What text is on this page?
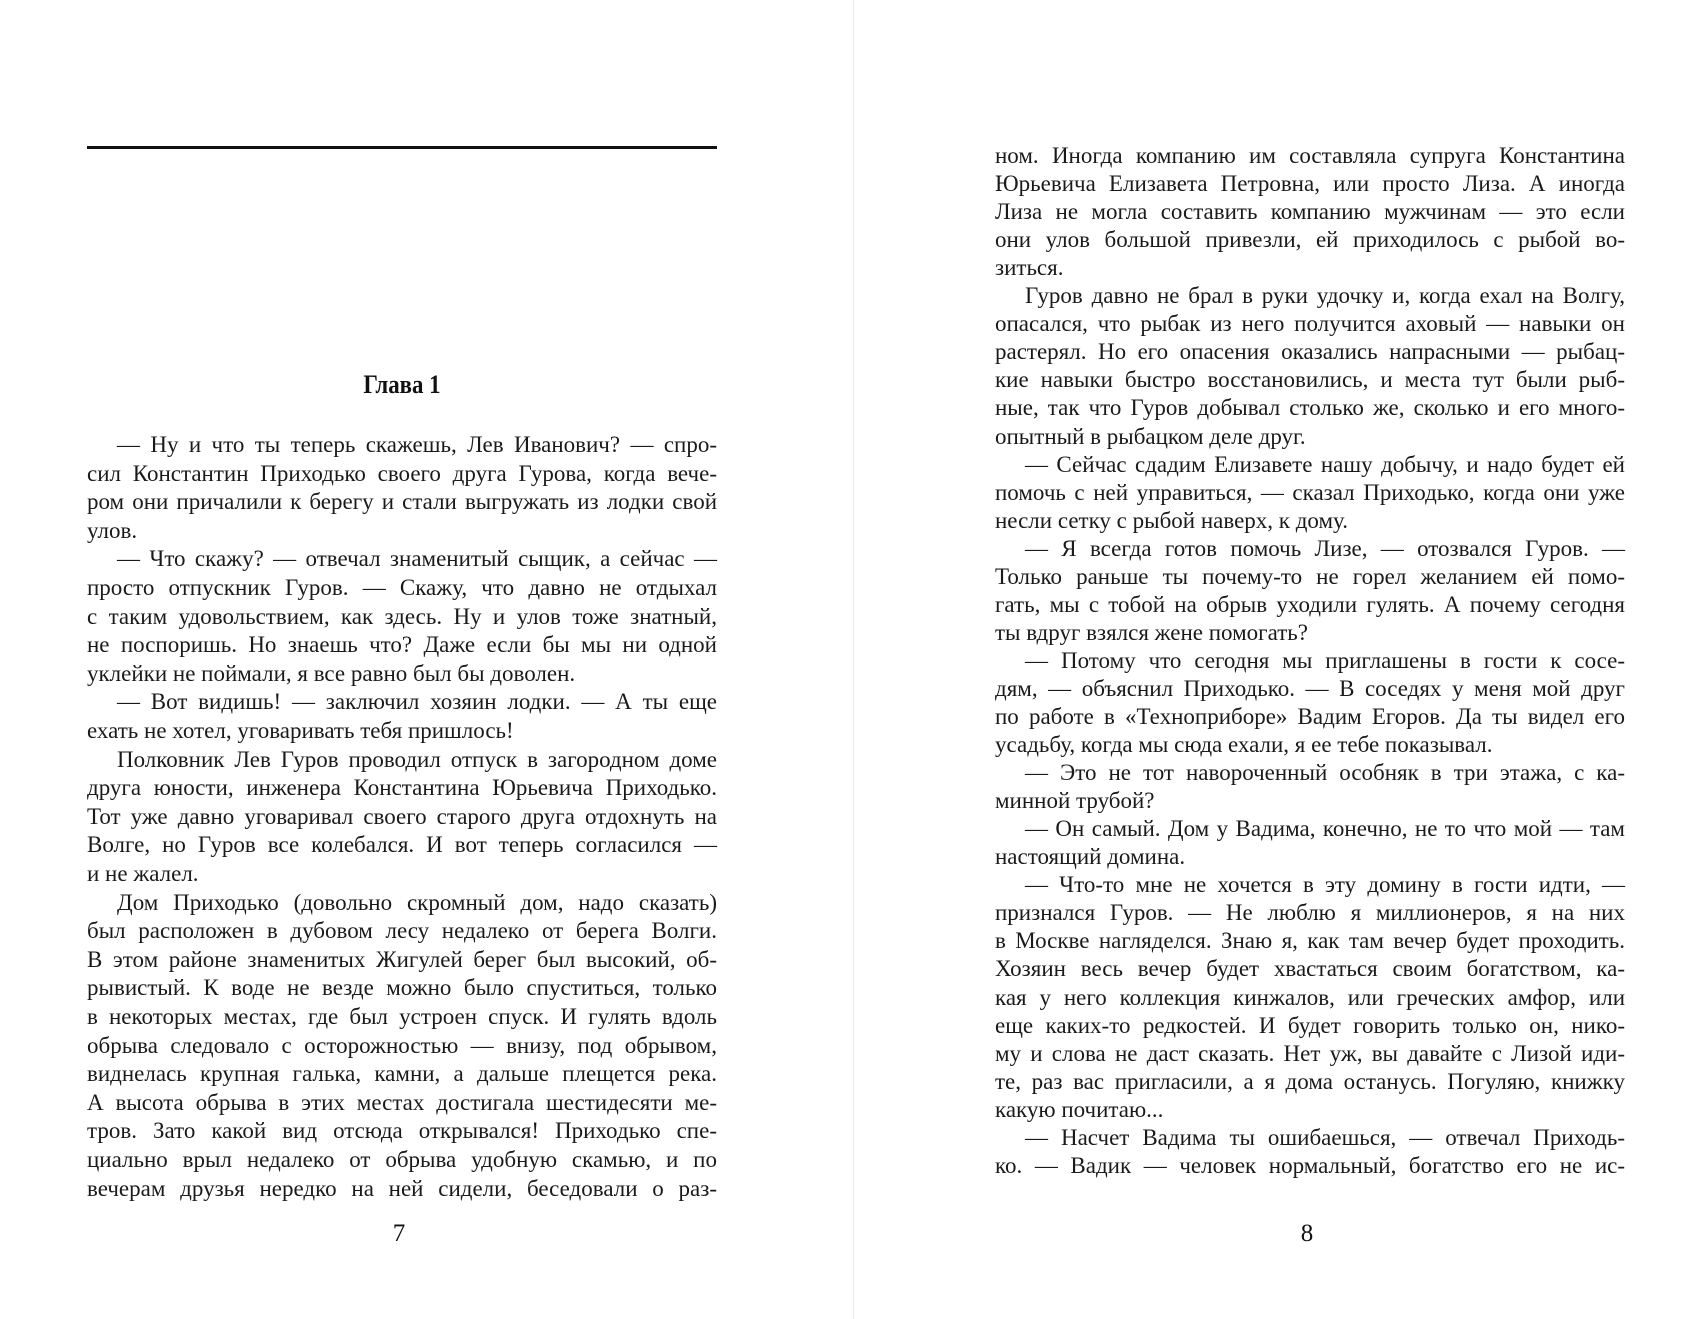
Глава 1
— Ну и что ты теперь скажешь, Лев Иванович? — спро-
сил Константин Приходько своего друга Гурова, когда вече-
ром они причалили к берегу и стали выгружать из лодки свой
улов.
— Что скажу? — отвечал знаменитый сыщик, а сейчас —
просто отпускник Гуров. — Скажу, что давно не отдыхал
с таким удовольствием, как здесь. Ну и улов тоже знатный,
не поспоришь. Но знаешь что? Даже если бы мы ни одной
уклейки не поймали, я все равно был бы доволен.
— Вот видишь! — заключил хозяин лодки. — А ты еще
ехать не хотел, уговаривать тебя пришлось!
Полковник Лев Гуров проводил отпуск в загородном доме
друга юности, инженера Константина Юрьевича Приходько.
Тот уже давно уговаривал своего старого друга отдохнуть на
Волге, но Гуров все колебался. И вот теперь согласился —
и не жалел.
Дом Приходько (довольно скромный дом, надо сказать)
был расположен в дубовом лесу недалеко от берега Волги.
В этом районе знаменитых Жигулей берег был высокий, об-
рывистый. К воде не везде можно было спуститься, только
в некоторых местах, где был устроен спуск. И гулять вдоль
обрыва следовало с осторожностью — внизу, под обрывом,
виднелась крупная галька, камни, а дальше плещется река.
А высота обрыва в этих местах достигала шестидесяти ме-
тров. Зато какой вид отсюда открывался! Приходько спе-
циально врыл недалеко от обрыва удобную скамью, и по
вечерам друзья нередко на ней сидели, беседовали о раз-
7
ном. Иногда компанию им составляла супруга Константина
Юрьевича Елизавета Петровна, или просто Лиза. А иногда
Лиза не могла составить компанию мужчинам — это если
они улов большой привезли, ей приходилось с рыбой во-
зиться.
Гуров давно не брал в руки удочку и, когда ехал на Волгу,
опасался, что рыбак из него получится аховый — навыки он
растерял. Но его опасения оказались напрасными — рыбац-
кие навыки быстро восстановились, и места тут были рыб-
ные, так что Гуров добывал столько же, сколько и его много-
опытный в рыбацком деле друг.
— Сейчас сдадим Елизавете нашу добычу, и надо будет ей
помочь с ней управиться, — сказал Приходько, когда они уже
несли сетку с рыбой наверх, к дому.
— Я всегда готов помочь Лизе, — отозвался Гуров. —
Только раньше ты почему-то не горел желанием ей помо-
гать, мы с тобой на обрыв уходили гулять. А почему сегодня
ты вдруг взялся жене помогать?
— Потому что сегодня мы приглашены в гости к сосе-
дям, — объяснил Приходько. — В соседях у меня мой друг
по работе в «Техноприборе» Вадим Егоров. Да ты видел его
усадьбу, когда мы сюда ехали, я ее тебе показывал.
— Это не тот навороченный особняк в три этажа, с ка-
минной трубой?
— Он самый. Дом у Вадима, конечно, не то что мой — там
настоящий домина.
— Что-то мне не хочется в эту домину в гости идти, —
признался Гуров. — Не люблю я миллионеров, я на них
в Москве нагляделся. Знаю я, как там вечер будет проходить.
Хозяин весь вечер будет хвастаться своим богатством, ка-
кая у него коллекция кинжалов, или греческих амфор, или
еще каких-то редкостей. И будет говорить только он, нико-
му и слова не даст сказать. Нет уж, вы давайте с Лизой иди-
те, раз вас пригласили, а я дома останусь. Погуляю, книжку
какую почитаю...
— Насчет Вадима ты ошибаешься, — отвечал Приходь-
ко. — Вадик — человек нормальный, богатство его не ис-
8
